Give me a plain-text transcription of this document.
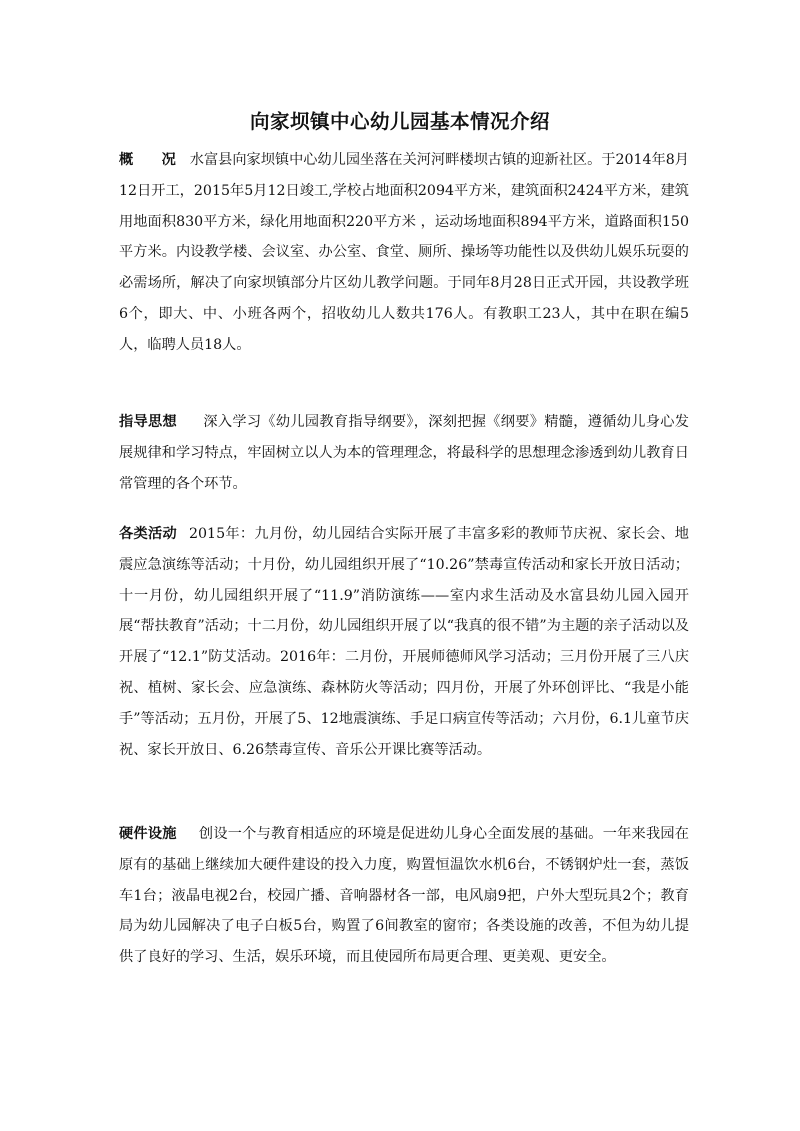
向家坝镇中心幼儿园基本情况介绍
概　　况 水富县向家坝镇中心幼儿园坐落在关河河畔楼坝古镇的迎新社区。于2014年8月12日开工，2015年5月12日竣工,学校占地面积2094平方米，建筑面积2424平方米，建筑用地面积830平方米，绿化用地面积220平方米 ，运动场地面积894平方米，道路面积150平方米。内设教学楼、会议室、办公室、食堂、厕所、操场等功能性以及供幼儿娱乐玩耍的必需场所，解决了向家坝镇部分片区幼儿教学问题。于同年8月28日正式开园，共设教学班6个，即大、中、小班各两个，招收幼儿人数共176人。有教职工23人，其中在职在编5人，临聘人员18人。
指导思想 深入学习《幼儿园教育指导纲要》，深刻把握《纲要》精髓，遵循幼儿身心发展规律和学习特点，牢固树立以人为本的管理理念，将最科学的思想理念渗透到幼儿教育日常管理的各个环节。
各类活动 2015年：九月份，幼儿园结合实际开展了丰富多彩的教师节庆祝、家长会、地震应急演练等活动；十月份，幼儿园组织开展了“10.26”禁毒宣传活动和家长开放日活动；十一月份，幼儿园组织开展了“11.9”消防演练——室内求生活动及水富县幼儿园入园开展“帮扶教育”活动；十二月份，幼儿园组织开展了以“我真的很不错”为主题的亲子活动以及开展了“12.1”防艾活动。2016年：二月份，开展师德师风学习活动；三月份开展了三八庆祝、植树、家长会、应急演练、森林防火等活动；四月份，开展了外环创评比、“我是小能手”等活动；五月份，开展了5、12地震演练、手足口病宣传等活动；六月份，6.1儿童节庆祝、家长开放日、6.26禁毒宣传、音乐公开课比赛等活动。
硬件设施 创设一个与教育相适应的环境是促进幼儿身心全面发展的基础。一年来我园在原有的基础上继续加大硬件建设的投入力度，购置恒温饮水机6台，不锈钢炉灶一套，蒸饭车1台；液晶电视2台，校园广播、音响器材各一部，电风扇9把，户外大型玩具2个；教育局为幼儿园解决了电子白板5台，购置了6间教室的窗帘；各类设施的改善，不但为幼儿提供了良好的学习、生活，娱乐环境，而且使园所布局更合理、更美观、更安全。
